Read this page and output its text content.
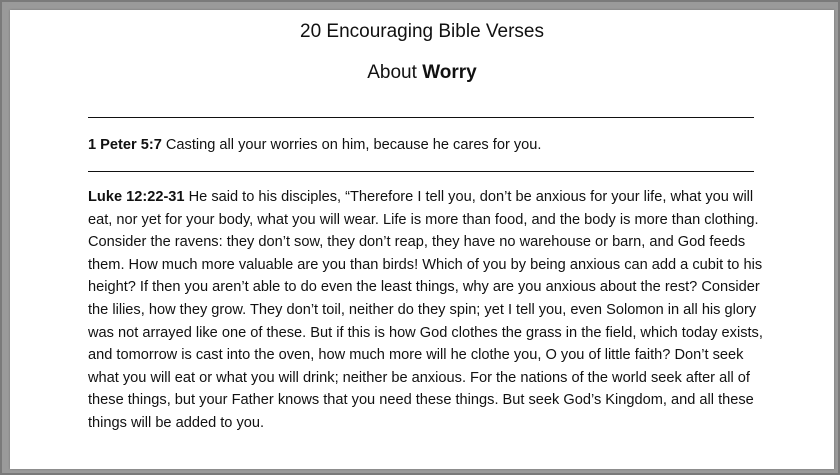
20 Encouraging Bible Verses
About Worry

1 Peter 5:7 Casting all your worries on him, because he cares for you.

Luke 12:22-31 He said to his disciples, “Therefore I tell you, don’t be anxious for your life, what you will eat, nor yet for your body, what you will wear. Life is more than food, and the body is more than clothing. Consider the ravens: they don’t sow, they don’t reap, they have no warehouse or barn, and God feeds them. How much more valuable are you than birds! Which of you by being anxious can add a cubit to his height? If then you aren’t able to do even the least things, why are you anxious about the rest? Consider the lilies, how they grow. They don’t toil, neither do they spin; yet I tell you, even Solomon in all his glory was not arrayed like one of these. But if this is how God clothes the grass in the field, which today exists, and tomorrow is cast into the oven, how much more will he clothe you, O you of little faith? Don’t seek what you will eat or what you will drink; neither be anxious. For the nations of the world seek after all of these things, but your Father knows that you need these things. But seek God’s Kingdom, and all these things will be added to you.
